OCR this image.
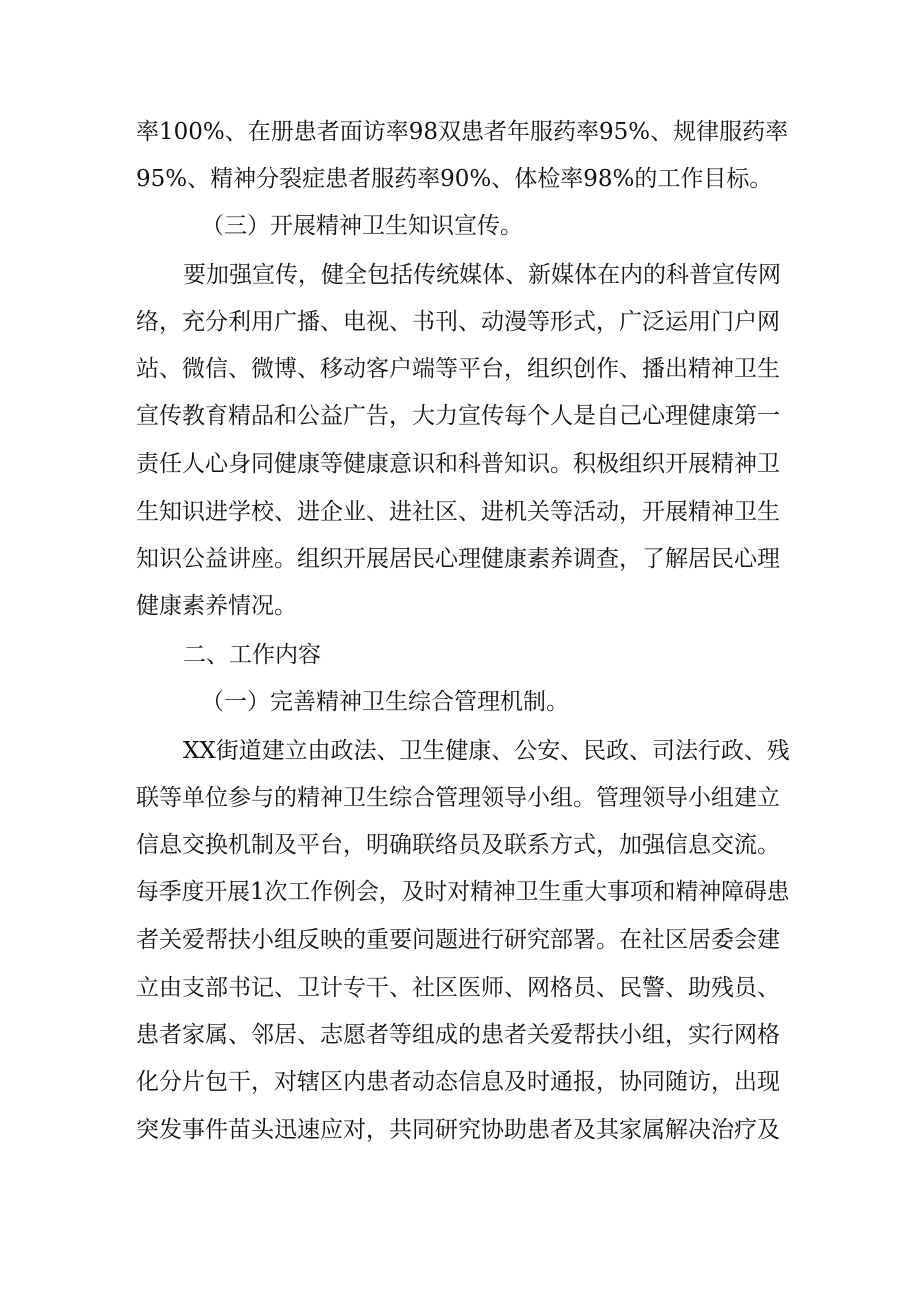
率100%、在册患者面访率98双患者年服药率95%、规律服药率
95%、精神分裂症患者服药率90%、体检率98%的工作目标。
（三）开展精神卫生知识宣传。
要加强宣传，健全包括传统媒体、新媒体在内的科普宣传网
络，充分利用广播、电视、书刊、动漫等形式，广泛运用门户网
站、微信、微博、移动客户端等平台，组织创作、播出精神卫生
宣传教育精品和公益广告，大力宣传每个人是自己心理健康第一
责任人心身同健康等健康意识和科普知识。积极组织开展精神卫
生知识进学校、进企业、进社区、进机关等活动，开展精神卫生
知识公益讲座。组织开展居民心理健康素养调查，了解居民心理
健康素养情况。
二、工作内容
（一）完善精神卫生综合管理机制。
XX街道建立由政法、卫生健康、公安、民政、司法行政、残
联等单位参与的精神卫生综合管理领导小组。管理领导小组建立
信息交换机制及平台，明确联络员及联系方式，加强信息交流。
每季度开展1次工作例会，及时对精神卫生重大事项和精神障碍患
者关爱帮扶小组反映的重要问题进行研究部署。在社区居委会建
立由支部书记、卫计专干、社区医师、网格员、民警、助残员、
患者家属、邻居、志愿者等组成的患者关爱帮扶小组，实行网格
化分片包干，对辖区内患者动态信息及时通报，协同随访，出现
突发事件苗头迅速应对，共同研究协助患者及其家属解决治疗及
